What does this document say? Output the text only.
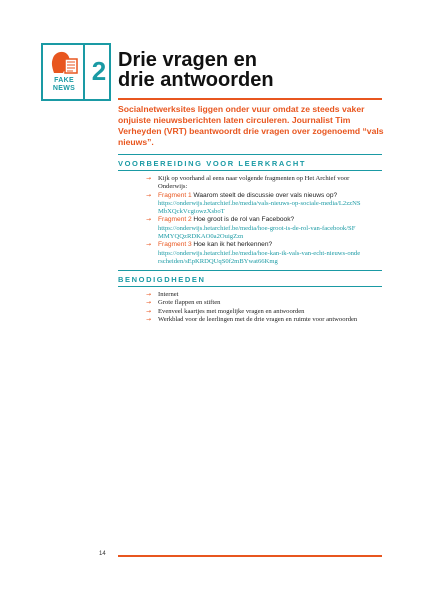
FAKE
NEWS
2 Drie vragen en
drie antwoorden
Socialnetwerksites liggen onder vuur omdat ze steeds vaker onjuiste nieuwsberichten laten circuleren. Journalist Tim Verheyden (VRT) beantwoordt drie vragen over zogenoemd “vals nieuws”.
VOORBEREIDING VOOR LEERKRACHT
→ Kijk op voorhand al eens naar volgende fragmenten op Het Archief voor Onderwijs:
→ Fragment 1 Waarom steelt de discussie over vals nieuws op?
https://onderwijs.hetarchief.be/media/vals-nieuws-op-sociale-media/L2zzNSMbXQckVcgiowzXsboT
→ Fragment 2 Hoe groot is de rol van Facebook?
https://onderwijs.hetarchief.be/media/hoe-groot-is-de-rol-van-facebook/SFMMYQQzRDKAO0a2OuigZzn
→ Fragment 3 Hoe kan ik het herkennen?
https://onderwijs.hetarchief.be/media/hoe-kan-ik-vals-van-echt-nieuws-onderscheiden/sEpKRDQUqS0f2mBYwat66Kmg
BENODIGDHEDEN
→ Internet
→ Grote flappen en stiften
→ Evenveel kaartjes met mogelijke vragen en antwoorden
→ Werkblad voor de leerlingen met de drie vragen en ruimte voor antwoorden
14
